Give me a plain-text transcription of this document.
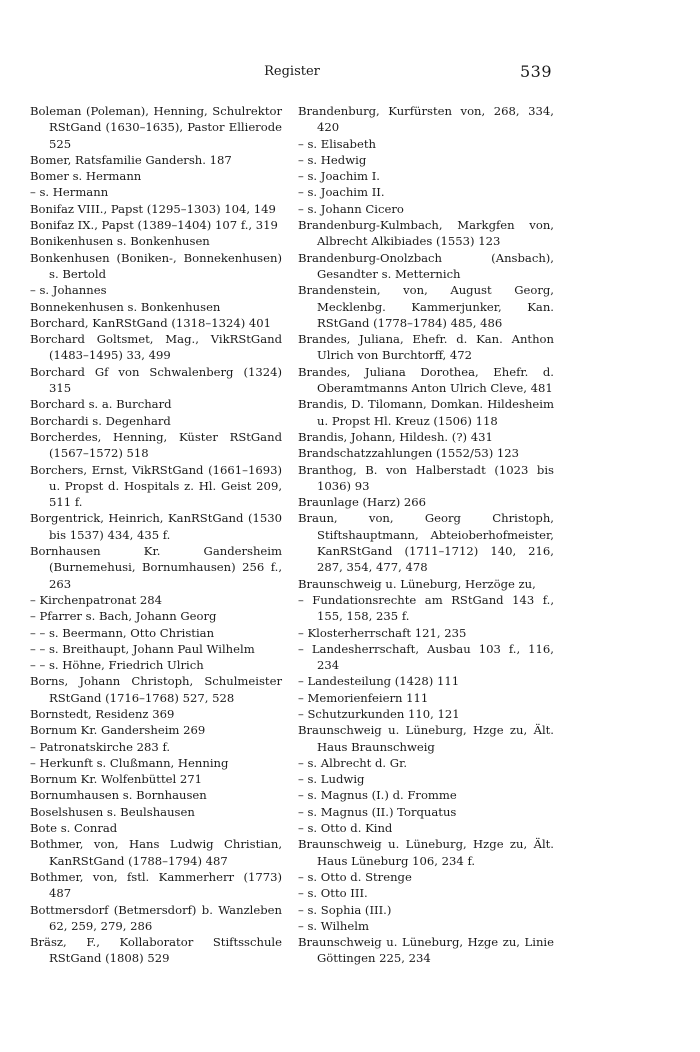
Register	539
Boleman (Poleman), Henning, Schulrektor RStGand (1630–1635), Pastor Ellierode 525
Bomer, Ratsfamilie Gandersh. 187
Bomer s. Hermann
– s. Hermann
Bonifaz VIII., Papst (1295–1303) 104, 149
Bonifaz IX., Papst (1389–1404) 107 f., 319
Bonikenhusen s. Bonkenhusen
Bonkenhusen (Boniken-, Bonnekenhusen) s. Bertold
– s. Johannes
Bonnekenhusen s. Bonkenhusen
Borchard, KanRStGand (1318–1324) 401
Borchard Goltsmet, Mag., VikRStGand (1483–1495) 33, 499
Borchard Gf von Schwalenberg (1324) 315
Borchard s. a. Burchard
Borchardi s. Degenhard
Borcherdes, Henning, Küster RStGand (1567–1572) 518
Borchers, Ernst, VikRStGand (1661–1693) u. Propst d. Hospitals z. Hl. Geist 209, 511 f.
Borgentrick, Heinrich, KanRStGand (1530 bis 1537) 434, 435 f.
Bornhausen Kr. Gandersheim (Burnemehusi, Bornumhausen) 256 f., 263
– Kirchenpatronat 284
– Pfarrer s. Bach, Johann Georg
– – s. Beermann, Otto Christian
– – s. Breithaupt, Johann Paul Wilhelm
– – s. Höhne, Friedrich Ulrich
Borns, Johann Christoph, Schulmeister RStGand (1716–1768) 527, 528
Bornstedt, Residenz 369
Bornum Kr. Gandersheim 269
– Patronatskirche 283 f.
– Herkunft s. Clußmann, Henning
Bornum Kr. Wolfenbüttel 271
Bornumhausen s. Bornhausen
Boselshusen s. Beulshausen
Bote s. Conrad
Bothmer, von, Hans Ludwig Christian, KanRStGand (1788–1794) 487
Bothmer, von, fstl. Kammerherr (1773) 487
Bottmersdorf (Betmersdorf) b. Wanzleben 62, 259, 279, 286
Bräsz, F., Kollaborator Stiftsschule RStGand (1808) 529
Brandenburg, Kurfürsten von, 268, 334, 420
– s. Elisabeth
– s. Hedwig
– s. Joachim I.
– s. Joachim II.
– s. Johann Cicero
Brandenburg-Kulmbach, Markgfen von, Albrecht Alkibiades (1553) 123
Brandenburg-Onolzbach (Ansbach), Gesandter s. Metternich
Brandenstein, von, August Georg, Mecklenbg. Kammerjunker, Kan. RStGand (1778–1784) 485, 486
Brandes, Juliana, Ehefr. d. Kan. Anthon Ulrich von Burchtorff, 472
Brandes, Juliana Dorothea, Ehefr. d. Oberamtmanns Anton Ulrich Cleve, 481
Brandis, D. Tilomann, Domkan. Hildesheim u. Propst Hl. Kreuz (1506) 118
Brandis, Johann, Hildesh. (?) 431
Brandschatzzahlungen (1552/53) 123
Branthog, B. von Halberstadt (1023 bis 1036) 93
Braunlage (Harz) 266
Braun, von, Georg Christoph, Stiftshauptmann, Abteioberhofmeister, KanRStGand (1711–1712) 140, 216, 287, 354, 477, 478
Braunschweig u. Lüneburg, Herzöge zu,
– Fundationsrechte am RStGand 143 f., 155, 158, 235 f.
– Klosterherrschaft 121, 235
– Landesherrschaft, Ausbau 103 f., 116, 234
– Landesteilung (1428) 111
– Memorienfeiern 111
– Schutzurkunden 110, 121
Braunschweig u. Lüneburg, Hzge zu, Ält. Haus Braunschweig
– s. Albrecht d. Gr.
– s. Ludwig
– s. Magnus (I.) d. Fromme
– s. Magnus (II.) Torquatus
– s. Otto d. Kind
Braunschweig u. Lüneburg, Hzge zu, Ält. Haus Lüneburg 106, 234 f.
– s. Otto d. Strenge
– s. Otto III.
– s. Sophia (III.)
– s. Wilhelm
Braunschweig u. Lüneburg, Hzge zu, Linie Göttingen 225, 234
